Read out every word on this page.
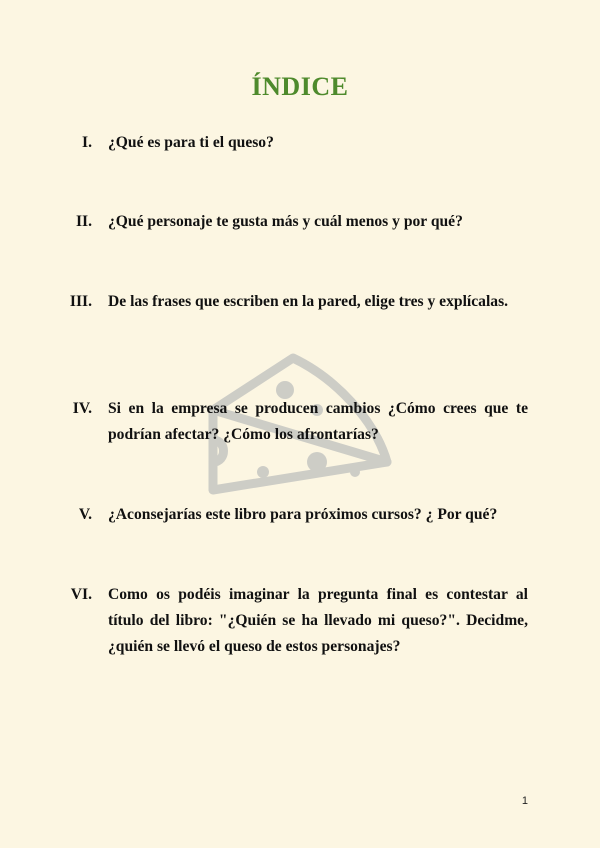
ÍNDICE
I. ¿Qué es para ti el queso?
II. ¿Qué personaje te gusta más y cuál menos y por qué?
III. De las frases que escriben en la pared, elige tres y explícalas.
IV. Si en la empresa se producen cambios ¿Cómo crees que te podrían afectar? ¿Cómo los afrontarías?
V. ¿Aconsejarías este libro para próximos cursos? ¿ Por qué?
VI. Como os podéis imaginar la pregunta final es contestar al título del libro: "¿Quién se ha llevado mi queso?". Decidme, ¿quién se llevó el queso de estos personajes?
1
